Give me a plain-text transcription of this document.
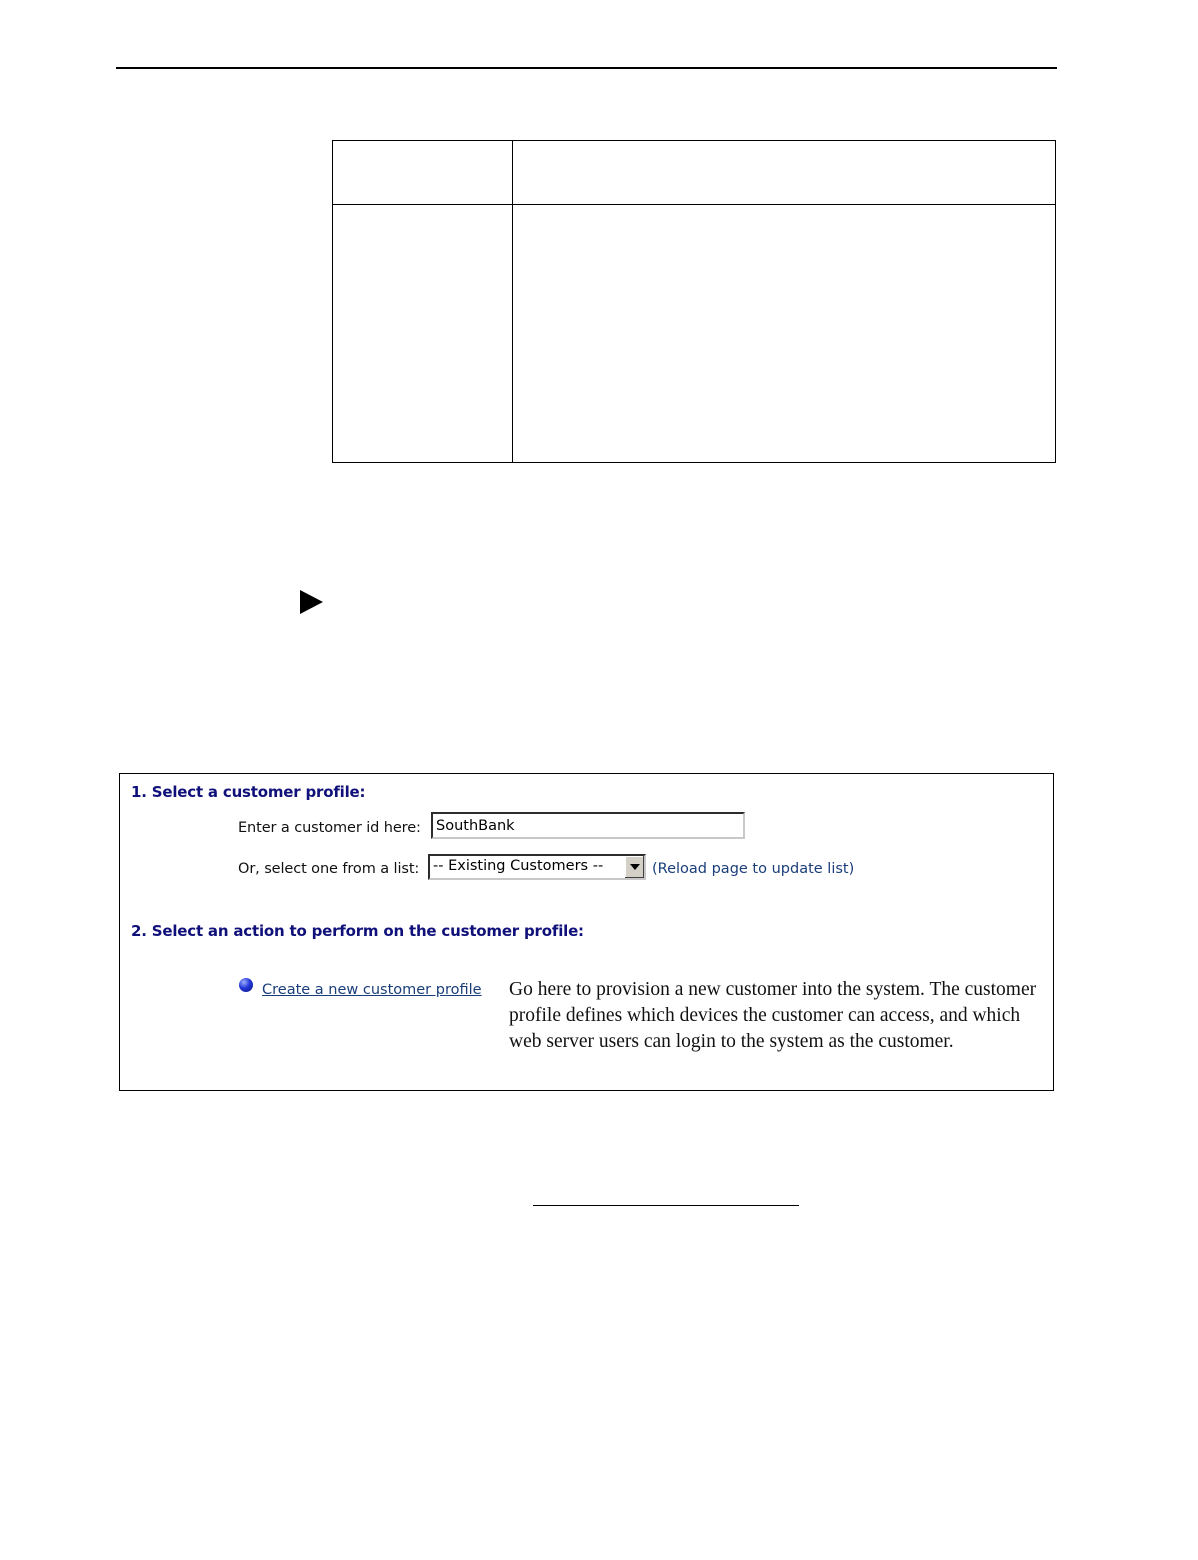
1. Select a customer profile:
Enter a customer id here:
SouthBank
Or, select one from a list: -- Existing Customers --	(Reload page to update list)
2. Select an action to perform on the customer profile:
Create a new customer profile Go here to provision a new customer into the system. The customer profile defines which devices the customer can access, and which web server users can login to the system as the customer.
